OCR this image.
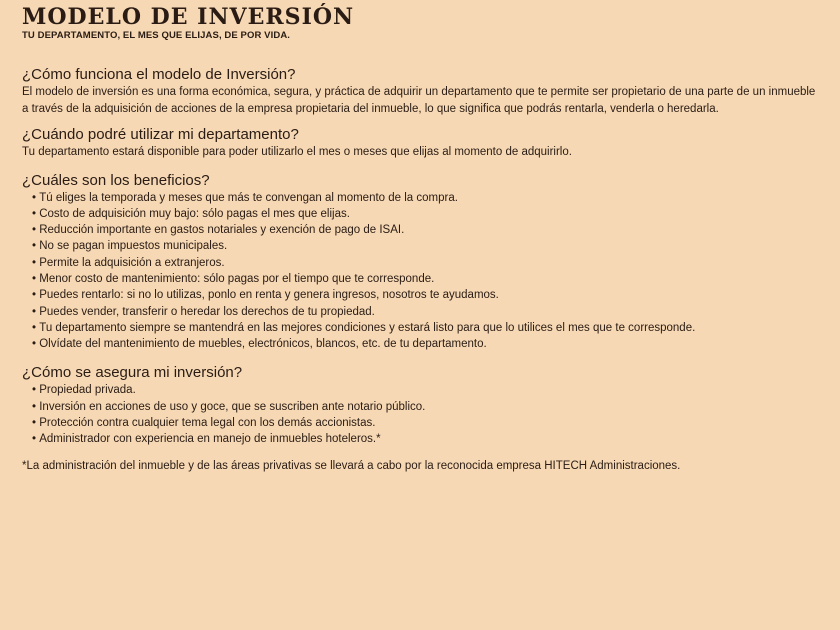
MODELO DE INVERSIÓN

TU DEPARTAMENTO, EL MES QUE ELIJAS, DE POR VIDA.

¿Cómo funciona el modelo de Inversión?

El modelo de inversión es una forma económica, segura, y práctica de adquirir un departamento que te permite ser propietario de una parte de un inmueble a través de la adquisición de acciones de la empresa propietaria del inmueble, lo que significa que podrás rentarla, venderla o heredarla.

¿Cuándo podré utilizar mi departamento?

Tu departamento estará disponible para poder utilizarlo el mes o meses que elijas al momento de adquirirlo.

¿Cuáles son los beneficios?
• Tú eliges la temporada y meses que más te convengan al momento de la compra.
• Costo de adquisición muy bajo: sólo pagas el mes que elijas.
• Reducción importante en gastos notariales y exención de pago de ISAI.
• No se pagan impuestos municipales.
• Permite la adquisición a extranjeros.
• Menor costo de mantenimiento: sólo pagas por el tiempo que te corresponde.
• Puedes rentarlo: si no lo utilizas, ponlo en renta y genera ingresos, nosotros te ayudamos.
• Puedes vender, transferir o heredar los derechos de tu propiedad.
• Tu departamento siempre se mantendrá en las mejores condiciones y estará listo para que lo utilices el mes que te corresponde.
• Olvídate del mantenimiento de muebles, electrónicos, blancos, etc. de tu departamento.
¿Cómo se asegura mi inversión?
• Propiedad privada.
• Inversión en acciones de uso y goce, que se suscriben ante notario público.
• Protección contra cualquier tema legal con los demás accionistas.
• Administrador con experiencia en manejo de inmuebles hoteleros.*

*La administración del inmueble y de las áreas privativas se llevará a cabo por la reconocida empresa HITECH Administraciones.
